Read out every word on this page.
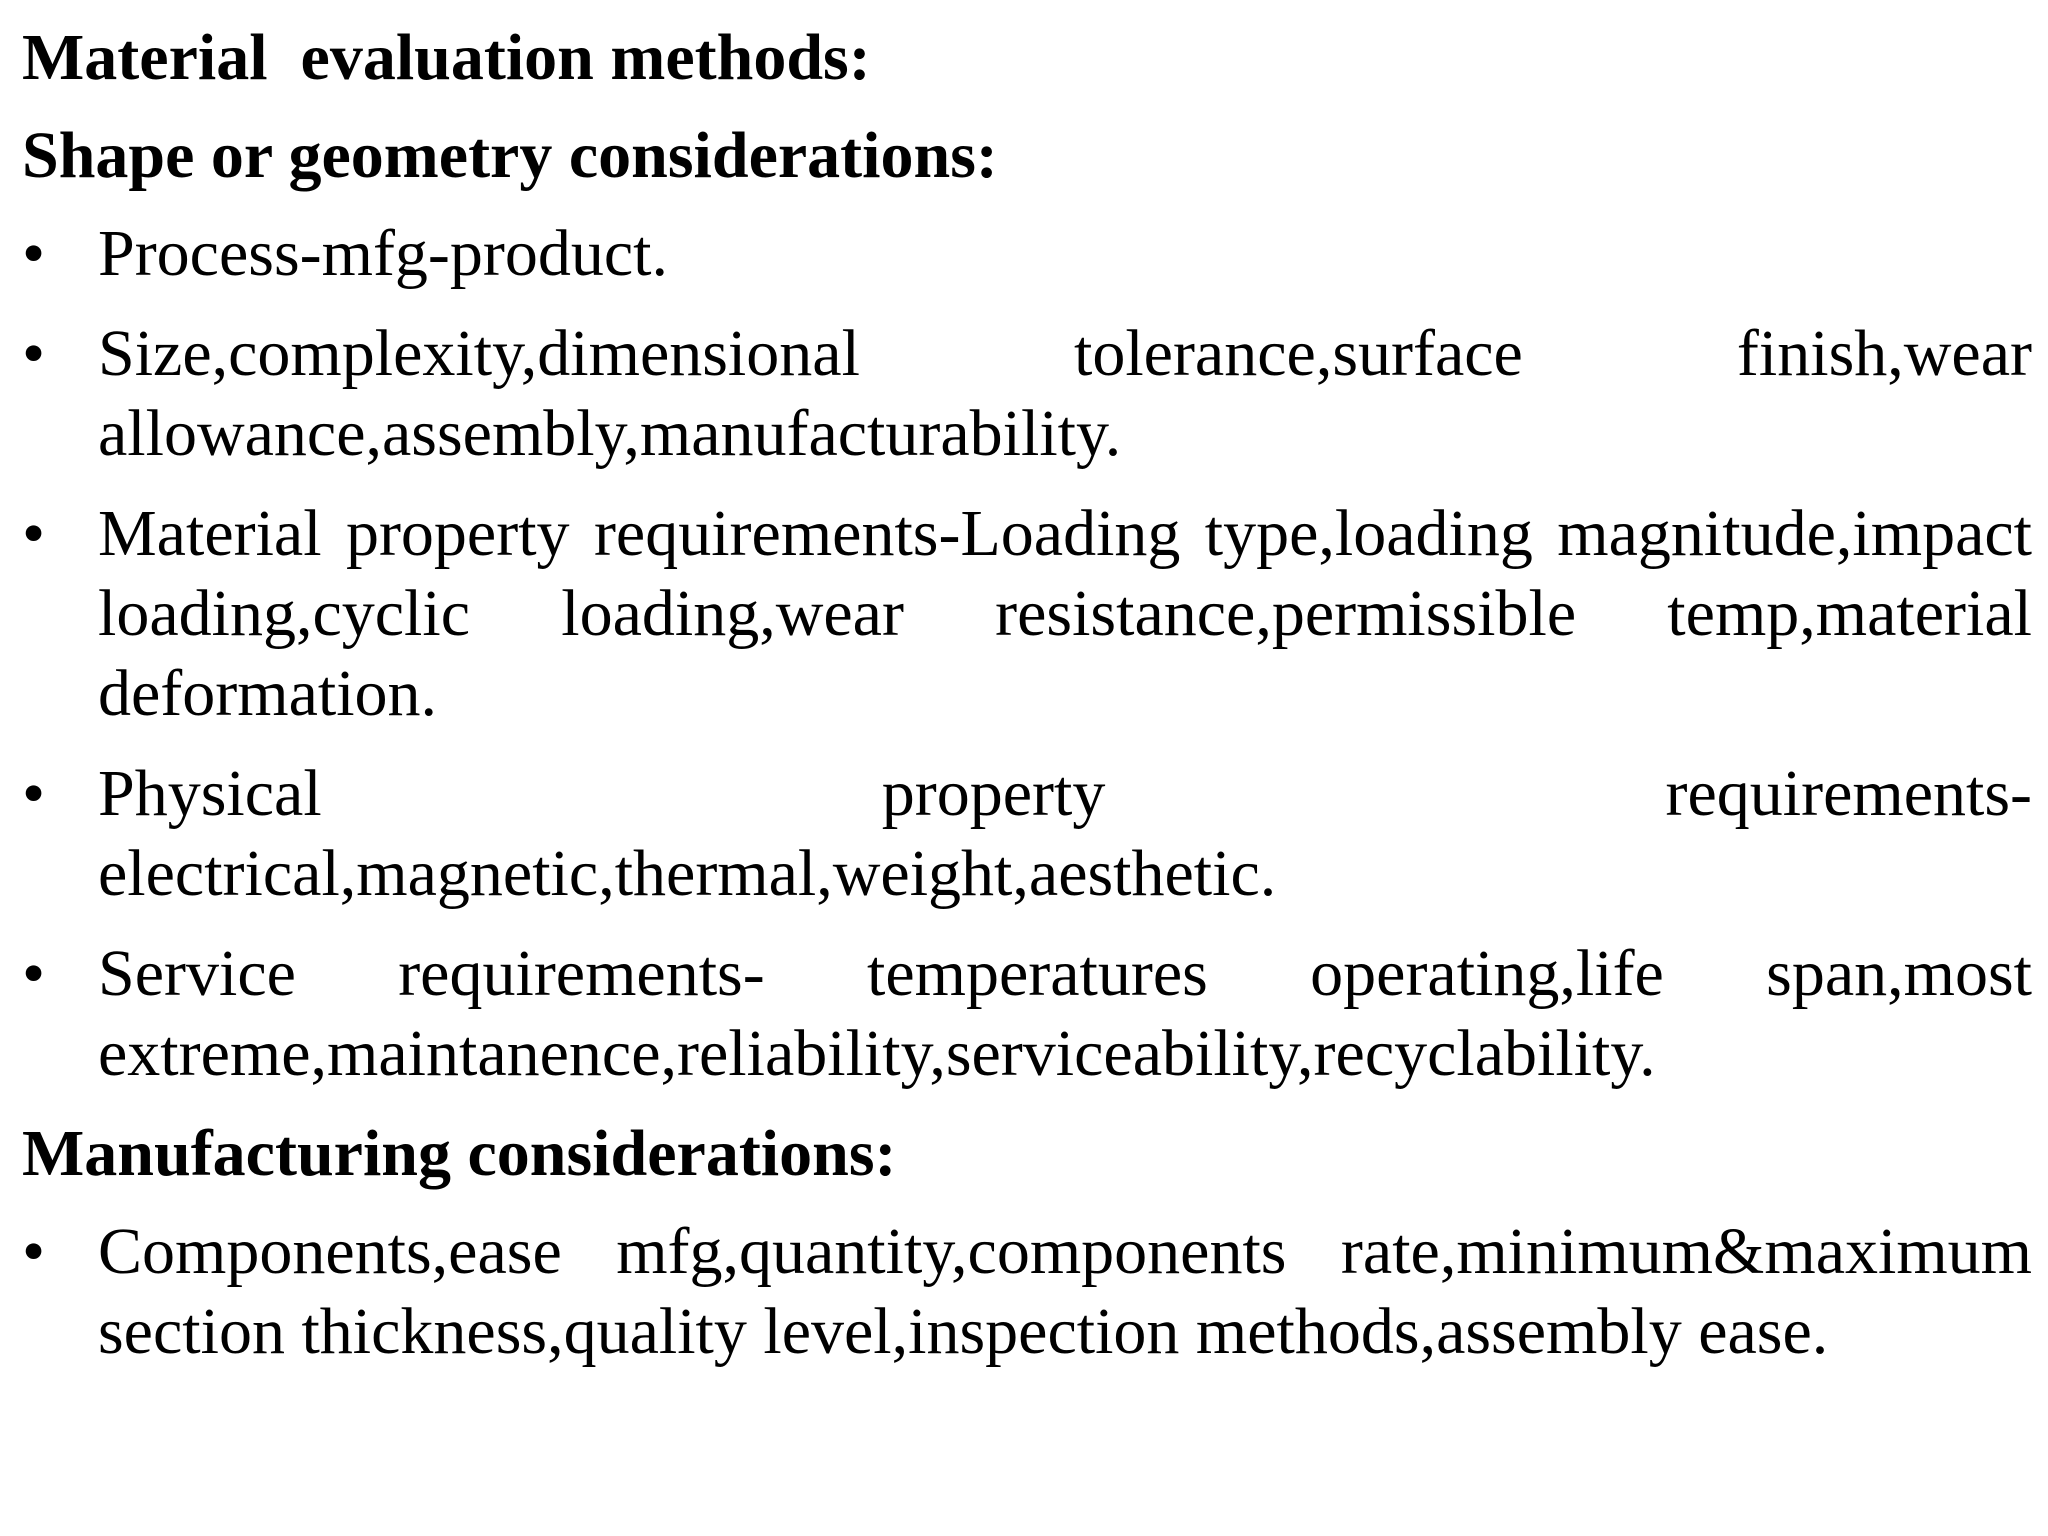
Material  evaluation methods:
Shape or geometry considerations:
• Process-mfg-product.
• Size,complexity,dimensional tolerance,surface finish,wear allowance,assembly,manufacturability.
• Material property requirements-Loading type,loading magnitude,impact loading,cyclic loading,wear resistance,permissible temp,material deformation.
• Physical property requirements-electrical,magnetic,thermal,weight,aesthetic.
• Service requirements- temperatures operating,life span,most extreme,maintanence,reliability,serviceability,recyclability.
Manufacturing considerations:
• Components,ease mfg,quantity,components rate,minimum&maximum section thickness,quality level,inspection methods,assembly ease.
